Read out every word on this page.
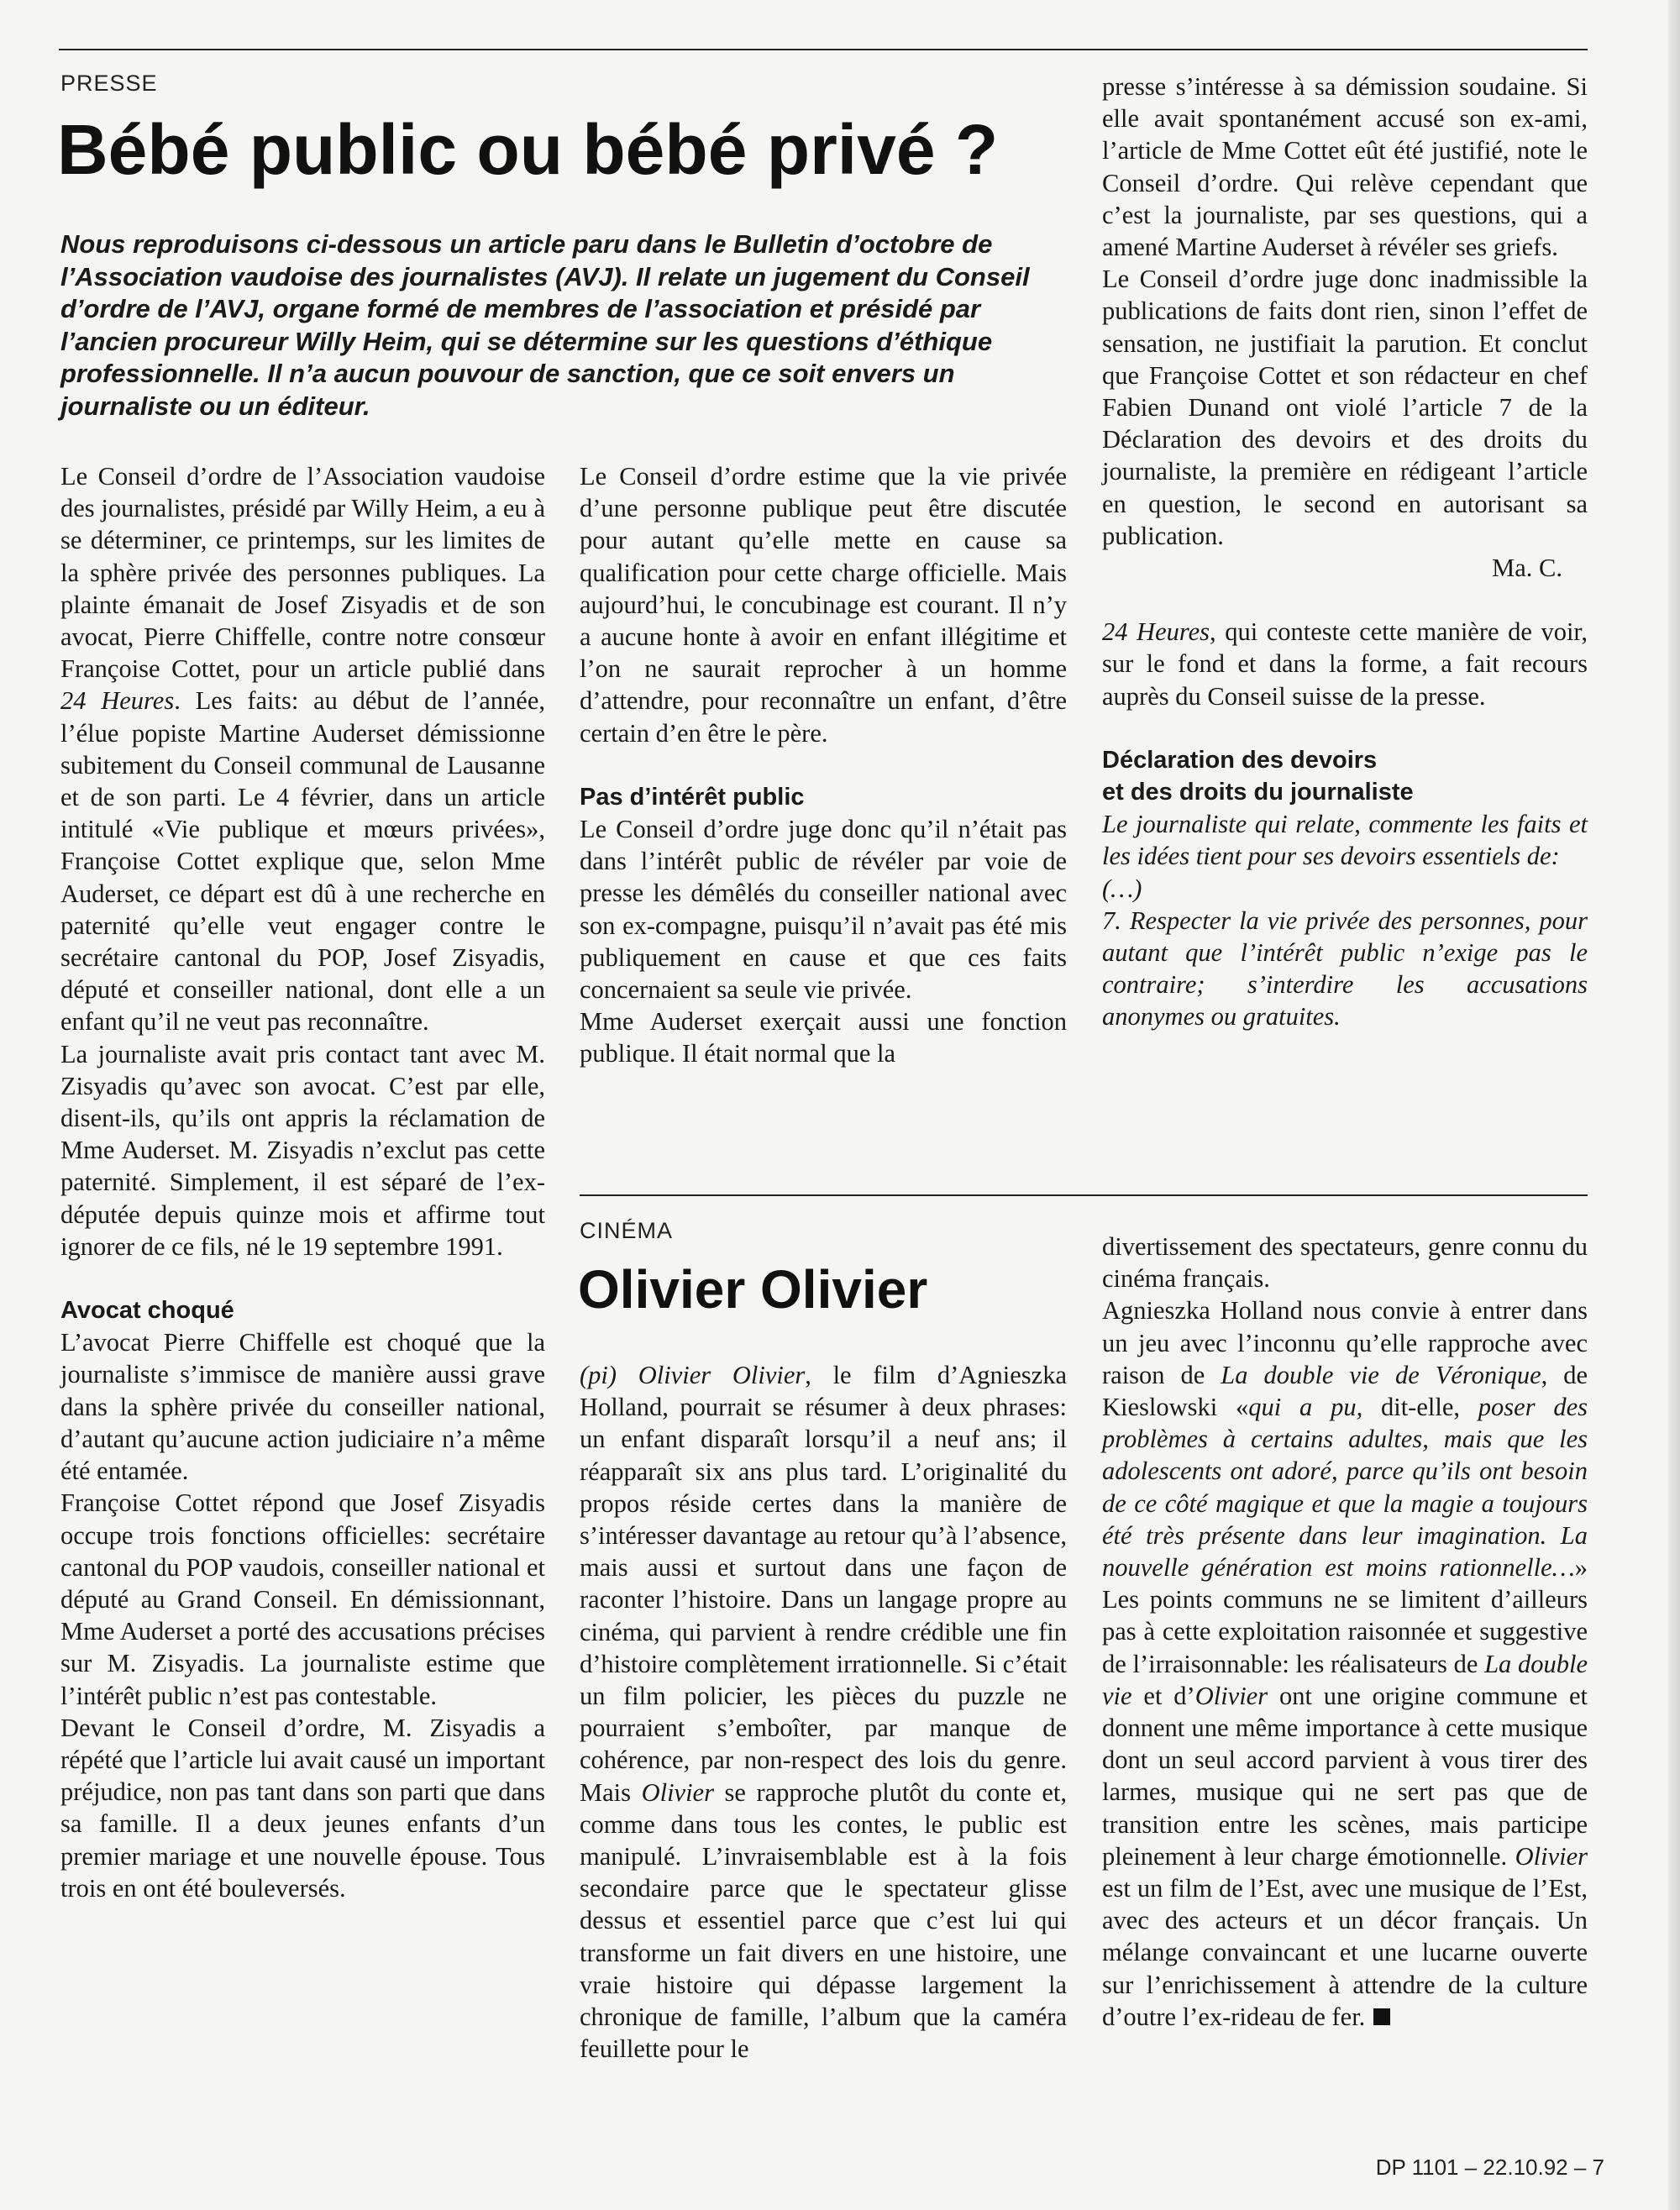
PRESSE
Bébé public ou bébé privé ?

Nous reproduisons ci-dessous un article paru dans le Bulletin d’octobre de l’Association vaudoise des journalistes (AVJ). Il relate un jugement du Conseil d’ordre de l’AVJ, organe formé de membres de l’association et présidé par l’ancien procureur Willy Heim, qui se détermine sur les questions d’éthique professionnelle. Il n’a aucun pouvour de sanction, que ce soit envers un journaliste ou un éditeur.

Le Conseil d’ordre de l’Association vaudoise des journalistes, présidé par Willy Heim, a eu à se déterminer, ce printemps, sur les limites de la sphère privée des personnes publiques. La plainte émanait de Josef Zisyadis et de son avocat, Pierre Chiffelle, contre notre consœur Françoise Cottet, pour un article publié dans 24 Heures. Les faits: au début de l’année, l’élue popiste Martine Auderset démissionne subitement du Conseil communal de Lausanne et de son parti. Le 4 février, dans un article intitulé «Vie publique et mœurs privées», Françoise Cottet explique que, selon Mme Auderset, ce départ est dû à une recherche en paternité qu’elle veut engager contre le secrétaire cantonal du POP, Josef Zisyadis, député et conseiller national, dont elle a un enfant qu’il ne veut pas reconnaître.

La journaliste avait pris contact tant avec M. Zisyadis qu’avec son avocat. C’est par elle, disent-ils, qu’ils ont appris la réclamation de Mme Auderset. M. Zisyadis n’exclut pas cette paternité. Simplement, il est séparé de l’ex-députée depuis quinze mois et affirme tout ignorer de ce fils, né le 19 septembre 1991.

Avocat choqué

L’avocat Pierre Chiffelle est choqué que la journaliste s’immisce de manière aussi grave dans la sphère privée du conseiller national, d’autant qu’aucune action judiciaire n’a même été entamée.

Françoise Cottet répond que Josef Zisyadis occupe trois fonctions officielles: secrétaire cantonal du POP vaudois, conseiller national et député au Grand Conseil. En démissionnant, Mme Auderset a porté des accusations précises sur M. Zisyadis. La journaliste estime que l’intérêt public n’est pas contestable.

Devant le Conseil d’ordre, M. Zisyadis a répété que l’article lui avait causé un important préjudice, non pas tant dans son parti que dans sa famille. Il a deux jeunes enfants d’un premier mariage et une nouvelle épouse. Tous trois en ont été bouleversés.

Le Conseil d’ordre estime que la vie privée d’une personne publique peut être discutée pour autant qu’elle mette en cause sa qualification pour cette charge officielle. Mais aujourd’hui, le concubinage est courant. Il n’y a aucune honte à avoir en enfant illégitime et l’on ne saurait reprocher à un homme d’attendre, pour reconnaître un enfant, d’être certain d’en être le père.

Pas d’intérêt public

Le Conseil d’ordre juge donc qu’il n’était pas dans l’intérêt public de révéler par voie de presse les démêlés du conseiller national avec son ex-compagne, puisqu’il n’avait pas été mis publiquement en cause et que ces faits concernaient sa seule vie privée.

Mme Auderset exerçait aussi une fonction publique. Il était normal que la

presse s’intéresse à sa démission soudaine. Si elle avait spontanément accusé son ex-ami, l’article de Mme Cottet eût été justifié, note le Conseil d’ordre. Qui relève cependant que c’est la journaliste, par ses questions, qui a amené Martine Auderset à révéler ses griefs.

Le Conseil d’ordre juge donc inadmissible la publications de faits dont rien, sinon l’effet de sensation, ne justifiait la parution. Et conclut que Françoise Cottet et son rédacteur en chef Fabien Dunand ont violé l’article 7 de la Déclaration des devoirs et des droits du journaliste, la première en rédigeant l’article en question, le second en autorisant sa publication.

Ma. C.

24 Heures, qui conteste cette manière de voir, sur le fond et dans la forme, a fait recours auprès du Conseil suisse de la presse.

Déclaration des devoirs

et des droits du journaliste

Le journaliste qui relate, commente les faits et les idées tient pour ses devoirs essentiels de:

(…)

7. Respecter la vie privée des personnes, pour autant que l’intérêt public n’exige pas le contraire; s’interdire les accusations anonymes ou gratuites.

CINÉMA
Olivier Olivier

(pi) Olivier Olivier, le film d’Agnieszka Holland, pourrait se résumer à deux phrases: un enfant disparaît lorsqu’il a neuf ans; il réapparaît six ans plus tard. L’originalité du propos réside certes dans la manière de s’intéresser davantage au retour qu’à l’absence, mais aussi et surtout dans une façon de raconter l’histoire. Dans un langage propre au cinéma, qui parvient à rendre crédible une fin d’histoire complètement irrationnelle. Si c’était un film policier, les pièces du puzzle ne pourraient s’emboîter, par manque de cohérence, par non-respect des lois du genre. Mais Olivier se rapproche plutôt du conte et, comme dans tous les contes, le public est manipulé. L’invraisemblable est à la fois secondaire parce que le spectateur glisse dessus et essentiel parce que c’est lui qui transforme un fait divers en une histoire, une vraie histoire qui dépasse largement la chronique de famille, l’album que la caméra feuillette pour le

divertissement des spectateurs, genre connu du cinéma français.

Agnieszka Holland nous convie à entrer dans un jeu avec l’inconnu qu’elle rapproche avec raison de La double vie de Véronique, de Kieslowski «qui a pu, dit-elle, poser des problèmes à certains adultes, mais que les adolescents ont adoré, parce qu’ils ont besoin de ce côté magique et que la magie a toujours été très présente dans leur imagination. La nouvelle génération est moins rationnelle…» Les points communs ne se limitent d’ailleurs pas à cette exploitation raisonnée et suggestive de l’irraisonnable: les réalisateurs de La double vie et d’Olivier ont une origine commune et donnent une même importance à cette musique dont un seul accord parvient à vous tirer des larmes, musique qui ne sert pas que de transition entre les scènes, mais participe pleinement à leur charge émotionnelle. Olivier est un film de l’Est, avec une musique de l’Est, avec des acteurs et un décor français. Un mélange convaincant et une lucarne ouverte sur l’enrichissement à attendre de la culture d’outre l’ex-rideau de fer.

DP 1101 – 22.10.92 – 7
